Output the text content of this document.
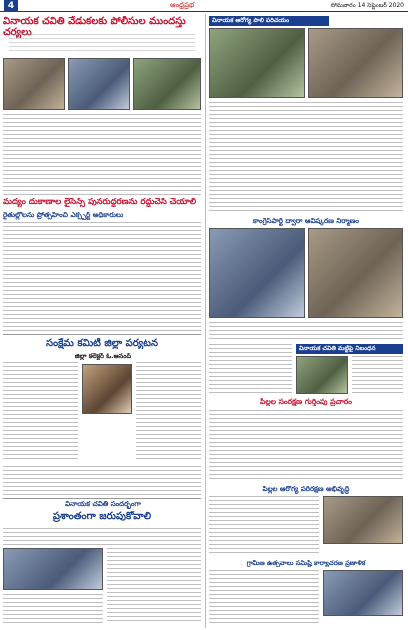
4	ఆంధ్రప్రభ	సోమవారం 14 సెప్టెంబర్ 2020
వినాయక చవితి వేడుకలకు పోలీసుల ముందస్తు చర్యలు
మద్యం దుకాణాల లైసెన్స్ పునరుద్ధరణను రద్దుచేసి చేయాలి
రైతుల్లోలను ప్రోత్సహించి ఎక్స్పర్ట్ అధికారులు
సంక్షేమ కమిటీ జిల్లా పర్యటన
జిల్లా కలెక్టర్ ఓ.ఆనంద్
వినాయక చవితి సందర్భంగా
ప్రశాంతంగా జరుపుకోవాలి
వినాయక ఆరోగ్య పాలి పరిచయం
కాంగ్రెస్‌పార్టీ ద్వారా ఆవిష్కరణ నిర్మాణం
వినాయక చవితి మట్టిపై నిబంధన
పిల్లల సంరక్షణ గుర్తింపు ప్రచారం
పిల్లల ఆరోగ్య పరిరక్షణ అభివృద్ధి
గ్రామీణ ఉత్సవాలు సమిష్టి కార్యాచరణ ప్రణాళిక
